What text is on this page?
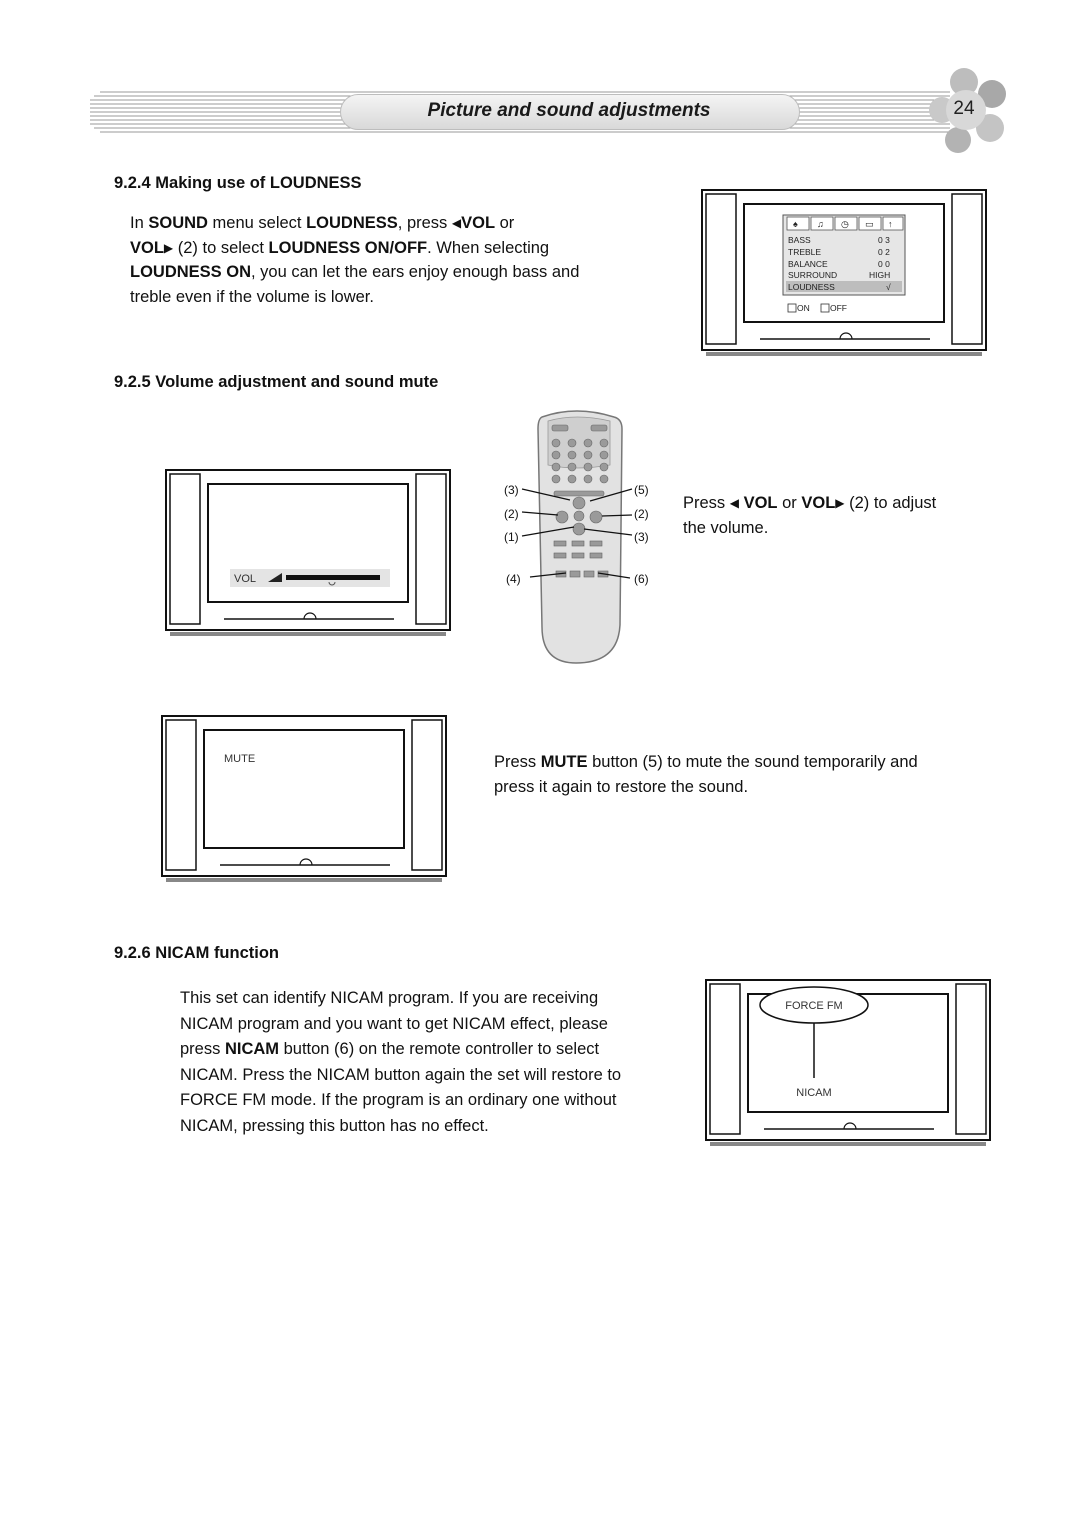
Picture and sound adjustments	24
9.2.4 Making use of LOUDNESS
In SOUND menu select LOUDNESS, press ◀VOL or
VOL▶ (2) to select LOUDNESS ON/OFF. When selecting
LOUDNESS ON, you can let the ears enjoy enough bass and
treble even if the volume is lower.
♠ ♫ ◷ ▭ ↑
BASS	0 3
TREBLE	0 2
BALANCE	0 0
SURROUND	HIGH
LOUDNESS	√
ON OFF
9.2.5 Volume adjustment and sound mute
VOL
(3)
(2)
(1)
(4)
(5)
(2)
(3)
(6)
Press ◀ VOL or VOL▶ (2) to adjust
the volume.
MUTE	Press MUTE button (5) to mute the sound temporarily and
press it again to restore the sound.
9.2.6 NICAM function
This set can identify NICAM program. If you are receiving
NICAM program and you want to get NICAM effect, please
press NICAM button (6) on the remote controller to select
NICAM. Press the NICAM button again the set will restore to
FORCE FM mode. If the program is an ordinary one without
NICAM, pressing this button has no effect.
FORCE FM
NICAM
